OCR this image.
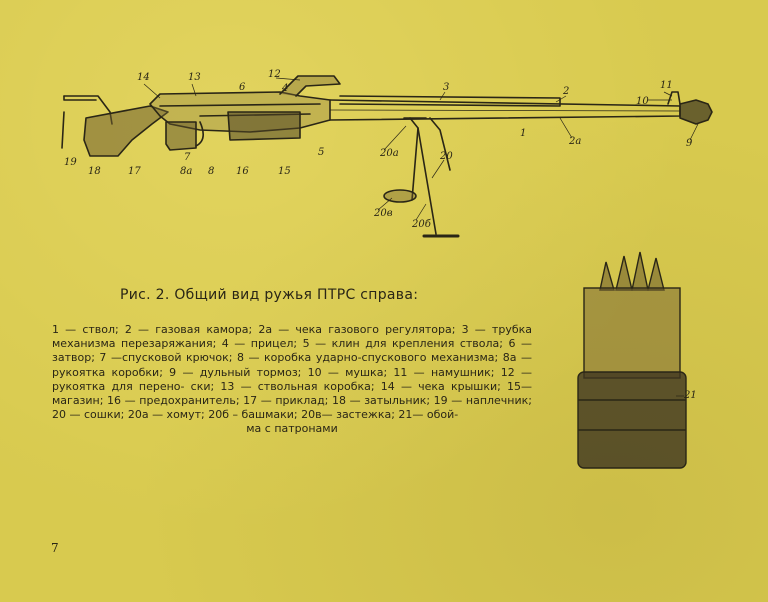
14	13	12
6	4	3	2
11
10
1
2а	9
5	20а	20
7
19
18	17	8а 8 16	15
20в
20б
21
Рис. 2. Общий вид ружья ПТРС справа:

1 — ствол; 2 — газовая камора; 2а — чека газового регулятора; 3 — трубка механизма перезаряжания; 4 — прицел; 5 — клин для крепления ствола; 6 — затвор; 7 —спусковой крючок; 8 — коробка ударно-спускового механизма; 8а — рукоятка коробки; 9 — дульный тормоз; 10 — мушка; 11 — намушник; 12 — рукоятка для перено- ски; 13 — ствольная коробка; 14 — чека крышки; 15—магазин; 16 — предохранитель; 17 — приклад; 18 — затыльник; 19 — наплечник; 20 — сошки; 20а — хомут; 20б – башмаки; 20в— застежка; 21— обой-
ма с патронами

7
